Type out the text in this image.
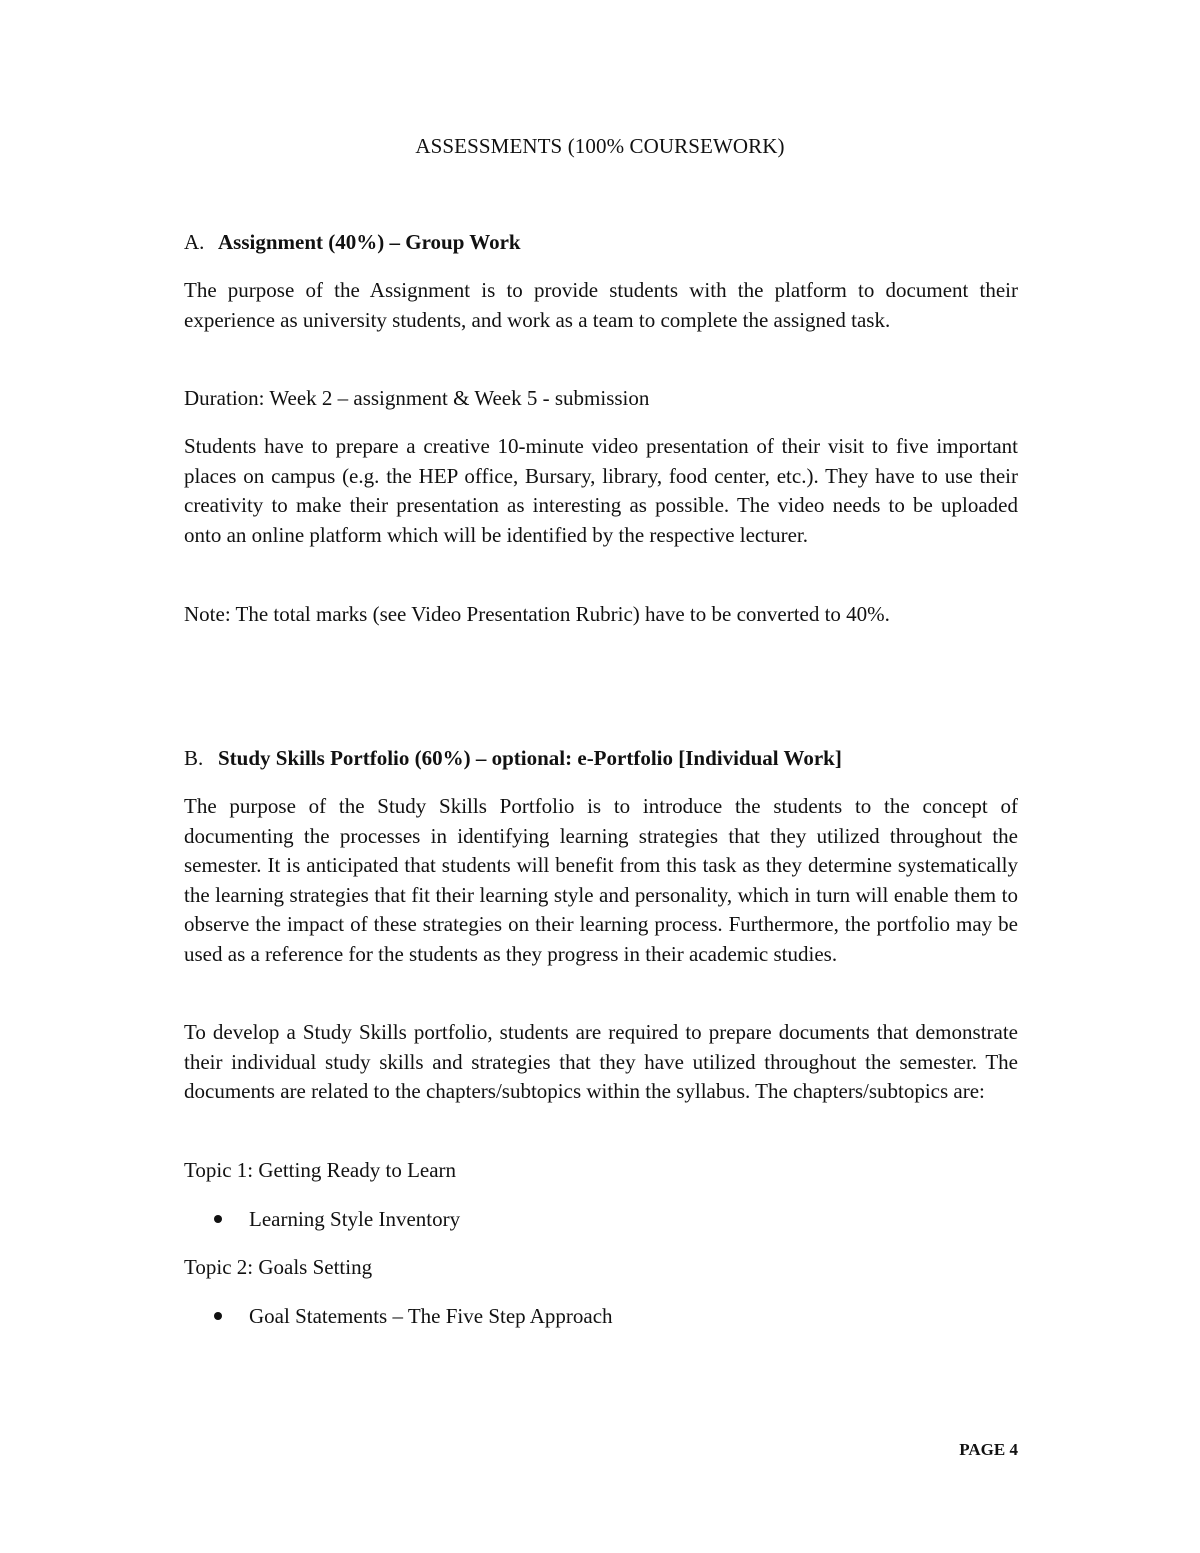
ASSESSMENTS (100% COURSEWORK)
A. Assignment (40%) – Group Work

The purpose of the Assignment is to provide students with the platform to document their experience as university students, and work as a team to complete the assigned task.

Duration: Week 2 – assignment & Week 5 - submission

Students have to prepare a creative 10-minute video presentation of their visit to five important places on campus (e.g. the HEP office, Bursary, library, food center, etc.). They have to use their creativity to make their presentation as interesting as possible. The video needs to be uploaded onto an online platform which will be identified by the respective lecturer.

Note: The total marks (see Video Presentation Rubric) have to be converted to 40%.
B. Study Skills Portfolio (60%) – optional: e-Portfolio [Individual Work]

The purpose of the Study Skills Portfolio is to introduce the students to the concept of documenting the processes in identifying learning strategies that they utilized throughout the semester. It is anticipated that students will benefit from this task as they determine systematically the learning strategies that fit their learning style and personality, which in turn will enable them to observe the impact of these strategies on their learning process. Furthermore, the portfolio may be used as a reference for the students as they progress in their academic studies.

To develop a Study Skills portfolio, students are required to prepare documents that demonstrate their individual study skills and strategies that they have utilized throughout the semester. The documents are related to the chapters/subtopics within the syllabus. The chapters/subtopics are:

Topic 1: Getting Ready to Learn
Learning Style Inventory
Topic 2: Goals Setting
Goal Statements – The Five Step Approach
PAGE 4
